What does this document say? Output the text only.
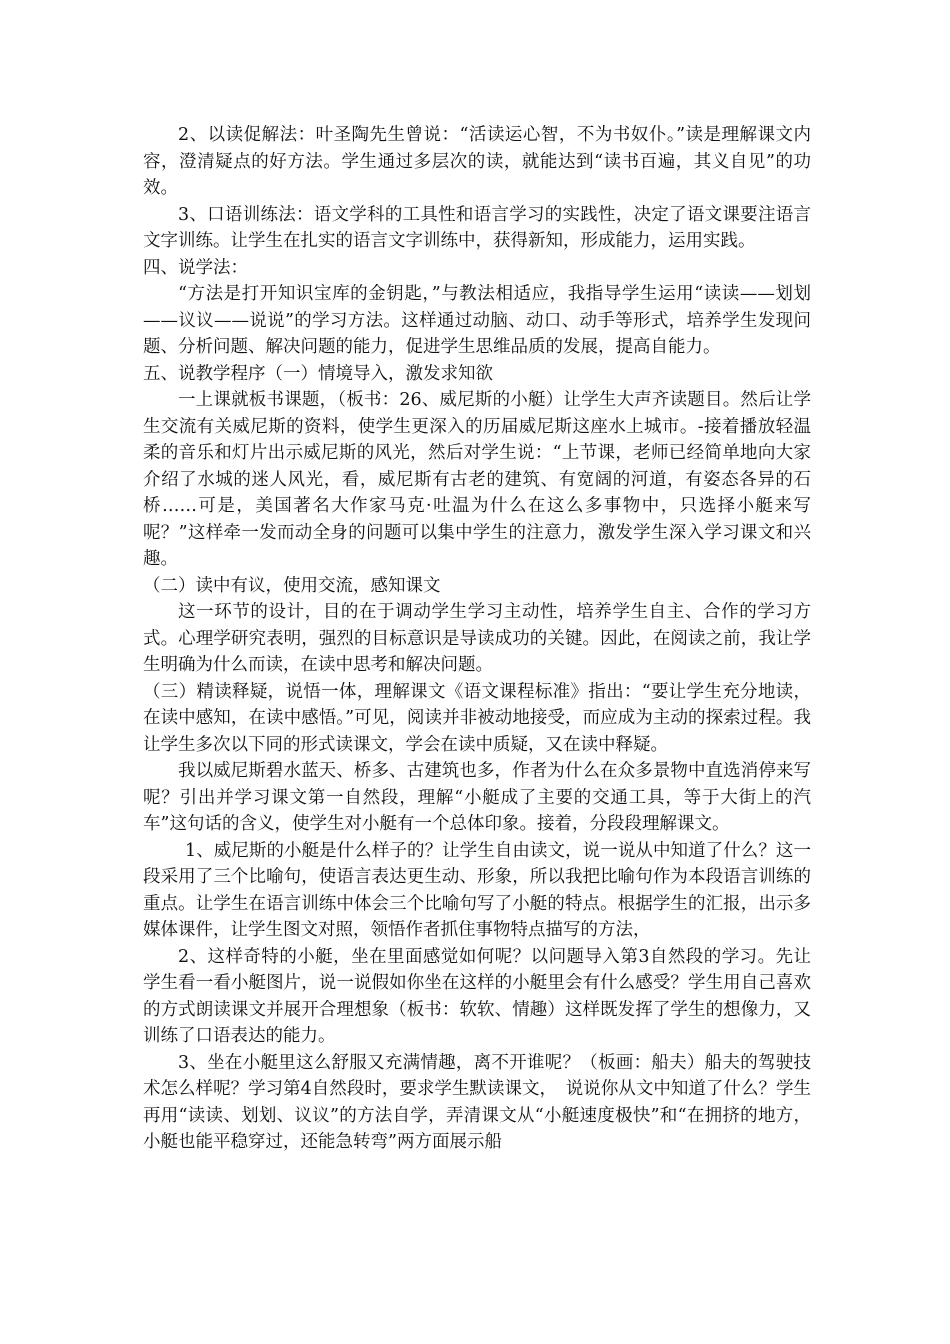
2、以读促解法：叶圣陶先生曾说：“活读运心智，不为书奴仆。”读是理解课文内容，澄清疑点的好方法。学生通过多层次的读，就能达到“读书百遍，其义自见”的功效。

3、口语训练法：语文学科的工具性和语言学习的实践性，决定了语文课要注语言文字训练。让学生在扎实的语言文字训练中，获得新知，形成能力，运用实践。

四、说学法：

“方法是打开知识宝库的金钥匙，”与教法相适应，我指导学生运用“读读——划划——议议——说说”的学习方法。这样通过动脑、动口、动手等形式，培养学生发现问题、分析问题、解决问题的能力，促进学生思维品质的发展，提高自能力。

五、说教学程序（一）情境导入，激发求知欲

一上课就板书课题，（板书：26、威尼斯的小艇）让学生大声齐读题目。然后让学生交流有关威尼斯的资料，使学生更深入的历届威尼斯这座水上城市。-接着播放轻温柔的音乐和灯片出示威尼斯的风光，然后对学生说：“上节课，老师已经简单地向大家介绍了水城的迷人风光，看，威尼斯有古老的建筑、有宽阔的河道，有姿态各异的石桥……可是，美国著名大作家马克·吐温为什么在这么多事物中，只选择小艇来写呢？”这样牵一发而动全身的问题可以集中学生的注意力，激发学生深入学习课文和兴趣。

（二）读中有议，使用交流，感知课文

这一环节的设计，目的在于调动学生学习主动性，培养学生自主、合作的学习方式。心理学研究表明，强烈的目标意识是导读成功的关键。因此，在阅读之前，我让学生明确为什么而读，在读中思考和解决问题。

（三）精读释疑，说悟一体，理解课文《语文课程标准》指出：“要让学生充分地读，在读中感知，在读中感悟。”可见，阅读并非被动地接受，而应成为主动的探索过程。我让学生多次以下同的形式读课文，学会在读中质疑，又在读中释疑。

我以威尼斯碧水蓝天、桥多、古建筑也多，作者为什么在众多景物中直选消停来写呢？引出并学习课文第一自然段，理解“小艇成了主要的交通工具，等于大街上的汽车”这句话的含义，使学生对小艇有一个总体印象。接着，分段段理解课文。

1、威尼斯的小艇是什么样子的？让学生自由读文，说一说从中知道了什么？这一段采用了三个比喻句，使语言表达更生动、形象，所以我把比喻句作为本段语言训练的重点。让学生在语言训练中体会三个比喻句写了小艇的特点。根据学生的汇报，出示多媒体课件，让学生图文对照，领悟作者抓住事物特点描写的方法，

2、这样奇特的小艇，坐在里面感觉如何呢？以问题导入第3自然段的学习。先让学生看一看小艇图片，说一说假如你坐在这样的小艇里会有什么感受？学生用自己喜欢的方式朗读课文并展开合理想象（板书：软软、情趣）这样既发挥了学生的想像力，又训练了口语表达的能力。

3、坐在小艇里这么舒服又充满情趣，离不开谁呢？（板画：船夫）船夫的驾驶技术怎么样呢？学习第4自然段时，要求学生默读课文，　说说你从文中知道了什么？学生再用“读读、划划、议议”的方法自学，弄清课文从“小艇速度极快”和“在拥挤的地方，小艇也能平稳穿过，还能急转弯”两方面展示船
